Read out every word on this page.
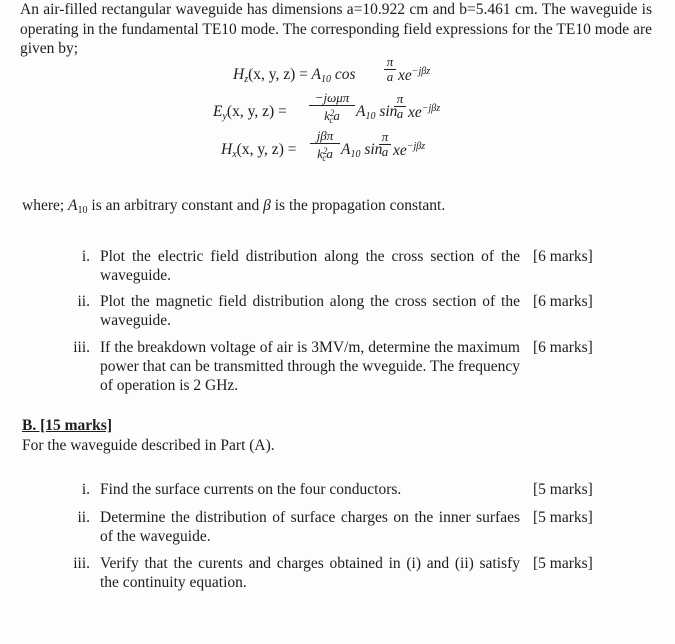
An air-filled rectangular waveguide has dimensions a=10.922 cm and b=5.461 cm. The waveguide is operating in the fundamental TE10 mode. The corresponding field expressions for the TE10 mode are given by;
$H_z(x$, y, $z) = A_{10}$ cos
π
a $xe^{-j\beta z}$
$E_y(x$, y, z) =
−jωμπ
$k^2_ca$	$A_{10}$ sin
π
a $xe^{-j\beta z}$
$H_x(x$, y, z) =
jβπ
$k^2_ca$ $A_{10}$ sin
π
a $xe^{-j\beta z}$
where; $A_{10}$ is an arbitrary constant and β is the propagation constant.
i. Plot the electric field distribution along the cross section of the waveguide.
[6 marks]
ii. Plot the magnetic field distribution along the cross section of the waveguide.
[6 marks]
iii. If the breakdown voltage of air is 3MV/m, determine the maximum power that can be transmitted through the wveguide. The frequency of operation is 2 GHz.
[6 marks]
B. [15 marks]
For the waveguide described in Part (A).
i. Find the surface currents on the four conductors.	[5 marks]
ii. Determine the distribution of surface charges on the inner surfaes of the waveguide.
[5 marks]
iii. Verify that the curents and charges obtained in (i) and (ii) satisfy the continuity equation.
[5 marks]
